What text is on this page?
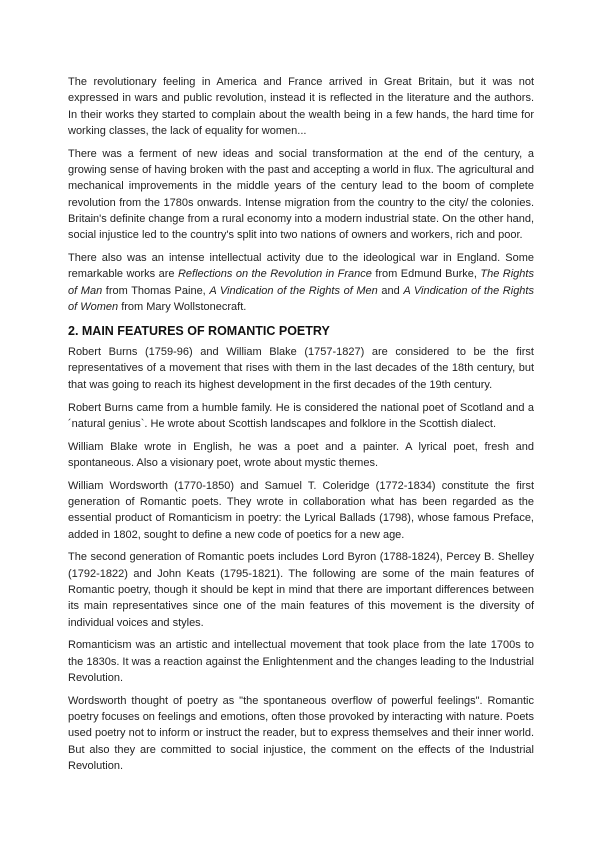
The revolutionary feeling in America and France arrived in Great Britain, but it was not expressed in wars and public revolution, instead it is reflected in the literature and the authors. In their works they started to complain about the wealth being in a few hands, the hard time for working classes, the lack of equality for women...

There was a ferment of new ideas and social transformation at the end of the century, a growing sense of having broken with the past and accepting a world in flux. The agricultural and mechanical improvements in the middle years of the century lead to the boom of complete revolution from the 1780s onwards. Intense migration from the country to the city/ the colonies. Britain's definite change from a rural economy into a modern industrial state. On the other hand, social injustice led to the country's split into two nations of owners and workers, rich and poor.

There also was an intense intellectual activity due to the ideological war in England. Some remarkable works are Reflections on the Revolution in France from Edmund Burke, The Rights of Man from Thomas Paine, A Vindication of the Rights of Men and A Vindication of the Rights of Women from Mary Wollstonecraft.

2. MAIN FEATURES OF ROMANTIC POETRY

Robert Burns (1759-96) and William Blake (1757-1827) are considered to be the first representatives of a movement that rises with them in the last decades of the 18th century, but that was going to reach its highest development in the first decades of the 19th century.

Robert Burns came from a humble family. He is considered the national poet of Scotland and a ´natural genius`. He wrote about Scottish landscapes and folklore in the Scottish dialect.

William Blake wrote in English, he was a poet and a painter. A lyrical poet, fresh and spontaneous. Also a visionary poet, wrote about mystic themes.

William Wordsworth (1770-1850) and Samuel T. Coleridge (1772-1834) constitute the first generation of Romantic poets. They wrote in collaboration what has been regarded as the essential product of Romanticism in poetry: the Lyrical Ballads (1798), whose famous Preface, added in 1802, sought to define a new code of poetics for a new age.

The second generation of Romantic poets includes Lord Byron (1788-1824), Percey B. Shelley (1792-1822) and John Keats (1795-1821). The following are some of the main features of Romantic poetry, though it should be kept in mind that there are important differences between its main representatives since one of the main features of this movement is the diversity of individual voices and styles.

Romanticism was an artistic and intellectual movement that took place from the late 1700s to the 1830s. It was a reaction against the Enlightenment and the changes leading to the Industrial Revolution.

Wordsworth thought of poetry as "the spontaneous overflow of powerful feelings". Romantic poetry focuses on feelings and emotions, often those provoked by interacting with nature. Poets used poetry not to inform or instruct the reader, but to express themselves and their inner world. But also they are committed to social injustice, the comment on the effects of the Industrial Revolution.
